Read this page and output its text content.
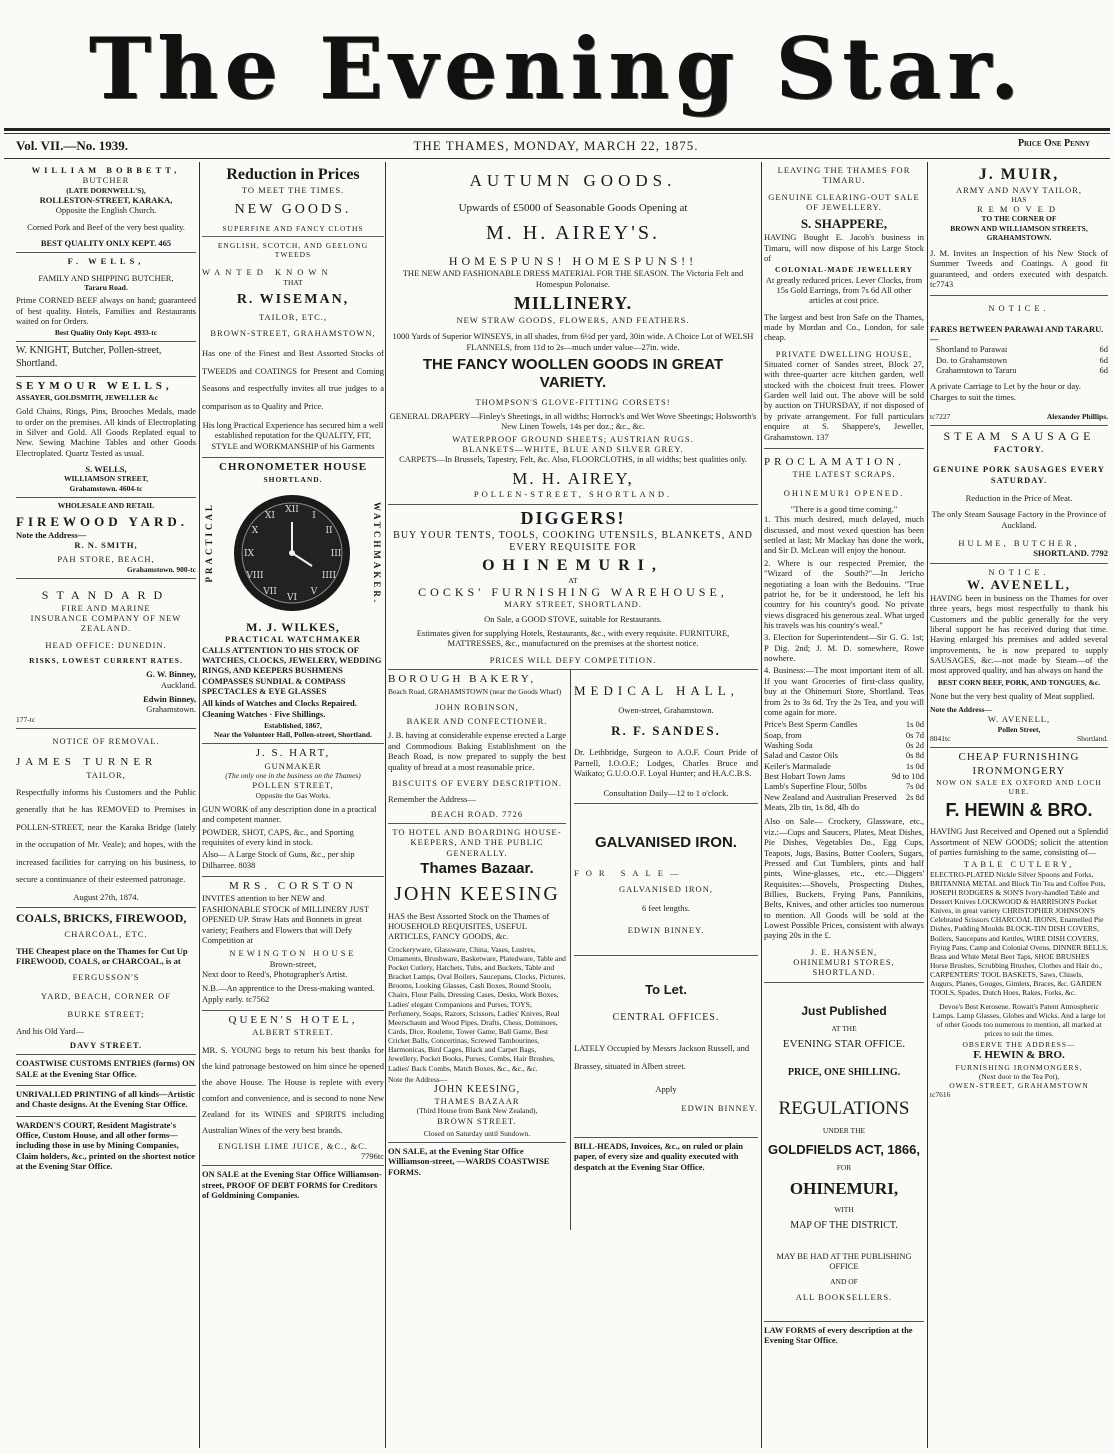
The Evening Star.
Vol. VII.—No. 1939.	THE THAMES, MONDAY, MARCH 22, 1875.	Price One Penny
WILLIAM BOBBETT,
BUTCHER
(LATE DORNWELL'S),
ROLLESTON-STREET, KARAKA,
Opposite the English Church.

Corned Pork and Beef of the very best quality.

BEST QUALITY ONLY KEPT. 465
F. WELLS,
FAMILY AND SHIPPING BUTCHER,
Tararu Road.

Prime CORNED BEEF always on hand; guaranteed of best quality. Hotels, Families and Restaurants waited on for Orders.

Best Quality Only Kept. 4933-tc

W. KNIGHT, Butcher, Pollen-street, Shortland.

SEYMOUR WELLS,
ASSAYER, GOLDSMITH, JEWELLER &c

Gold Chains, Rings, Pins, Brooches Medals, made to order on the premises. All kinds of Electroplating in Silver and Gold. All Goods Replated equal to New. Sewing Machine Tables and other Goods Electroplated. Quartz Tested as usual.

S. WELLS,
WILLIAMSON STREET,
Grahamstown. 4604-tc
WHOLESALE AND RETAIL
FIREWOOD YARD.
Note the Address—
R. N. SMITH,
PAH STORE, BEACH,
Grahamstown. 900-tc
STANDARD
FIRE AND MARINE
INSURANCE COMPANY OF NEW ZEALAND.
HEAD OFFICE: DUNEDIN.
RISKS, LOWEST CURRENT RATES.
G. W. Binney,
Auckland.
Edwin Binney,
Grahamstown.
177-tc
NOTICE OF REMOVAL.
JAMES TURNER
TAILOR,

Respectfully informs his Customers and the Public generally that he has REMOVED to Premises in POLLEN-STREET, near the Karaka Bridge (lately in the occupation of Mr. Veale); and hopes, with the increased facilities for carrying on his business, to secure a continuance of their esteemed patronage.

August 27th, 1874.
COALS, BRICKS, FIREWOOD,
CHARCOAL, ETC.

THE Cheapest place on the Thames for Cut Up FIREWOOD, COALS, or CHARCOAL, is at

FERGUSSON'S
YARD, BEACH, CORNER OF
BURKE STREET;
And his Old Yard—
DAVY STREET.

COASTWISE CUSTOMS ENTRIES (forms) ON SALE at the Evening Star Office.

UNRIVALLED PRINTING of all kinds—Artistic and Chaste designs. At the Evening Star Office.

WARDEN'S COURT, Resident Magistrate's Office, Custom House, and all other forms—including those in use by Mining Companies, Claim holders, &c., printed on the shortest notice at the Evening Star Office.

Reduction in Prices
TO MEET THE TIMES.
NEW GOODS.
SUPERFINE AND FANCY CLOTHS
ENGLISH, SCOTCH, AND GEELONG TWEEDS
WANTED KNOWN
THAT
R. WISEMAN,
TAILOR, ETC.,
BROWN-STREET, GRAHAMSTOWN,

Has one of the Finest and Best Assorted Stocks of TWEEDS and COATINGS for Present and Coming Seasons and respectfully invites all true judges to a comparison as to Quality and Price.

His long Practical Experience has secured him a well established reputation for the QUALITY, FIT, STYLE and WORKMANSHIP of his Garments

CHRONOMETER HOUSE
SHORTLAND.
PRACTICAL	XII
I
II
III
IIII
V
VI
VII
VIII
IX
X
XI	WATCHMAKER.
M. J. WILKES,
PRACTICAL WATCHMAKER

CALLS ATTENTION TO HIS STOCK OF WATCHES, CLOCKS, JEWELERY, WEDDING RINGS, AND KEEPERS BUSHMENS COMPASSES SUNDIAL & COMPASS SPECTACLES & EYE GLASSES

All kinds of Watches and Clocks Repaired. Cleaning Watches · Five Shillings.

Established, 1867,
Near the Volunteer Hall, Pollen-street, Shortland.
J. S. HART,
GUNMAKER
(The only one in the business on the Thames)
POLLEN STREET,
Opposite the Gas Works.

GUN WORK of any description done in a practical and competent manner.

POWDER, SHOT, CAPS, &c., and Sporting requisites of every kind in stock.

Also— A Large Stock of Guns, &c., per ship Dilharree. 8038

MRS. CORSTON

INVITES attention to her NEW and FASHIONABLE STOCK of MILLINERY JUST OPENED UP. Straw Hats and Bonnets in great variety; Feathers and Flowers that will Defy Competition at

NEWINGTON HOUSE
Brown-street,
Next door to Reed's, Photographer's Artist.

N.B.—An apprentice to the Dress-making wanted. Apply early. tc7562

QUEEN'S HOTEL,
ALBERT STREET.

MR. S. YOUNG begs to return his best thanks for the kind patronage bestowed on him since he opened the above House. The House is replete with every comfort and convenience, and is second to none New Zealand for its WINES and SPIRITS including Australian Wines of the very best brands.

ENGLISH LIME JUICE, &C., &C.
7796tc

ON SALE at the Evening Star Office Williamson-street, PROOF OF DEBT FORMS for Creditors of Goldmining Companies.

AUTUMN GOODS.
Upwards of £5000 of Seasonable Goods Opening at
M. H. AIREY'S.
HOMESPUNS! HOMESPUNS!!

THE NEW AND FASHIONABLE DRESS MATERIAL FOR THE SEASON. The Victoria Felt and Homespun Polonaise.

MILLINERY.
NEW STRAW GOODS, FLOWERS, AND FEATHERS.

1000 Yards of Superior WINSEYS, in all shades, from 6½d per yard, 30in wide. A Choice Lot of WELSH FLANNELS, from 11d to 2s—much under value—27in. wide.

THE FANCY WOOLLEN GOODS IN GREAT VARIETY.
THOMPSON'S GLOVE-FITTING CORSETS!

GENERAL DRAPERY—Finley's Sheetings, in all widths; Horrock's and Wet Wove Sheetings; Holsworth's New Linen Towels, 14s per doz.; &c., &c.

WATERPROOF GROUND SHEETS; AUSTRIAN RUGS.
BLANKETS—WHITE, BLUE AND SILVER GREY.

CARPETS—In Brussels, Tapestry, Felt, &c. Also, FLOORCLOTHS, in all widths; best qualities only.

M. H. AIREY,
POLLEN-STREET, SHORTLAND.
DIGGERS!

BUY YOUR TENTS, TOOLS, COOKING UTENSILS, BLANKETS, AND EVERY REQUISITE FOR

OHINEMURI,
AT
COCKS' FURNISHING WAREHOUSE,
MARY STREET, SHORTLAND.

On Sale, a GOOD STOVE, suitable for Restaurants.

Estimates given for supplying Hotels, Restaurants, &c., with every requisite. FURNITURE, MATTRESSES, &c., manufactured on the premises at the shortest notice.

PRICES WILL DEFY COMPETITION.
BOROUGH BAKERY,
Beach Road, GRAHAMSTOWN (near the Goods Wharf)
JOHN ROBINSON,
BAKER AND CONFECTIONER.

J. B. having at considerable expense erected a Large and Commodious Baking Establishment on the Beach Road, is now prepared to supply the best quality of bread at a most reasonable price.

BISCUITS OF EVERY DESCRIPTION.
Remember the Address—
BEACH ROAD. 7726

TO HOTEL AND BOARDING HOUSE-KEEPERS, AND THE PUBLIC GENERALLY.

Thames Bazaar.
JOHN KEESING

HAS the Best Assorted Stock on the Thames of HOUSEHOLD REQUISITES, USEFUL ARTICLES, FANCY GOODS, &c.

Crockeryware, Glassware, China, Vases, Lustres, Ornaments, Brushware, Basketware, Platedware, Table and Pocket Cutlery, Hatchets, Tubs, and Buckets, Table and Bracket Lamps, Oval Boilers, Saucepans, Clocks, Pictures, Brooms, Looking Glasses, Cash Boxes, Round Stools, Chairs, Flour Pails, Dressing Cases, Desks, Work Boxes, Ladies' elegant Companions and Purses, TOYS, Perfumery, Soaps, Razors, Scissors, Ladies' Knives, Real Meerschaum and Wood Pipes, Drafts, Chess, Dominoes, Cards, Dice, Roulette, Tower Game, Ball Game, Best Cricket Balls, Concertinas, Screwed Tambourines, Harmonicas, Bird Cages, Black and Carpet Bags, Jewellery, Pocket Books, Purses, Combs, Hair Brushes, Ladies' Back Combs, Match Boxes, &c., &c., &c.

Note the Address—
JOHN KEESING,
THAMES BAZAAR
(Third House from Bank New Zealand),
BROWN STREET.
Closed on Saturday until Sundown.

ON SALE, at the Evening Star Office Williamson-street, —WARDS COASTWISE FORMS.

MEDICAL HALL,
Owen-street, Grahamstown.
R. F. SANDES.

Dr. Lethbridge, Surgeon to A.O.F. Court Pride of Parnell, I.O.O.F.; Lodges, Charles Bruce and Waikato; G.U.O.O.F. Loyal Hunter; and H.A.C.B.S.

Consultation Daily—12 to 1 o'clock.
GALVANISED IRON.
FOR SALE—
GALVANISED IRON,
6 feet lengths.
EDWIN BINNEY.
To Let.
CENTRAL OFFICES.

LATELY Occupied by Messrs Jackson Russell, and Brassey, situated in Albert street.

Apply
EDWIN BINNEY.

BILL-HEADS, Invoices, &c., on ruled or plain paper, of every size and quality executed with despatch at the Evening Star Office.

LEAVING THE THAMES FOR TIMARU.
GENUINE CLEARING-OUT SALE OF JEWELLERY.
S. SHAPPERE,

HAVING Bought E. Jacob's business in Timaru, will now dispose of his Large Stock of

COLONIAL-MADE JEWELLERY

At greatly reduced prices. Lever Clocks, from 15s Gold Earrings, from 7s 6d All other articles at cost price.

The largest and best Iron Safe on the Thames, made by Mordan and Co., London, for sale cheap.

PRIVATE DWELLING HOUSE,

Situated corner of Sandes street, Block 27, with three-quarter acre kitchen garden, well stocked with the choicest fruit trees. Flower Garden well laid out. The above will be sold by auction on THURSDAY, if not disposed of by private arrangement. For full particulars enquire at S. Shappere's, Jeweller, Grahamstown. 137

PROCLAMATION.
THE LATEST SCRAPS.
OHINEMURI OPENED.
"There is a good time coming."

1. This much desired, much delayed, much discussed, and most vexed question has been settled at last; Mr Mackay has done the work, and Sir D. McLean will enjoy the honour.

2. Where is our respected Premier, the "Wizard of the South?"—In Jericho negotiating a loan with the Bedouins. "True patriot he, for be it understood, he left his country for his country's good. No private views disgraced his generous zeal. What urged his travels was his country's weal."

3. Election for Superintendent—Sir G. G. 1st; P Dig. 2nd; J. M. D. somewhere, Rowe nowhere.

4. Business:—The most important item of all. If you want Groceries of first-class quality, buy at the Ohinemuri Store, Shortland. Teas from 2s to 3s 6d. Try the 2s Tea, and you will come again for more.

Price's Best Sperm Candles	1s 0d
Soap, from	0s 7d
Washing Soda	0s 2d
Salad and Castor Oils	0s 8d
Keiler's Marmalade	1s 0d
Best Hobart Town Jams	9d to 10d
Lamb's Superfine Flour, 50lbs	7s 0d
New Zealand and Australian Preserved Meats, 2lb tin, 1s 8d, 4lb do
2s 8d

Also on Sale— Crockery, Glassware, etc., viz.:—Cups and Saucers, Plates, Meat Dishes, Pie Dishes, Vegetables Do., Egg Cups, Teapots, Jugs, Basins, Butter Coolers, Sugars, Pressed and Cut Tumblers, pints and half pints, Wine-glasses, etc., etc.—Diggers' Requisites:—Shovels, Prospecting Dishes, Billies, Buckets, Frying Pans, Pannikins, Belts, Knives, and other articles too numerous to mention. All Goods will be sold at the Lowest Possible Prices, consistent with always paying 20s in the £.

J. E. HANSEN,
OHINEMURI STORES, SHORTLAND.
Just Published
AT THE
EVENING STAR OFFICE.
PRICE, ONE SHILLING.
REGULATIONS
UNDER THE
GOLDFIELDS ACT, 1866,
FOR
OHINEMURI,
WITH
MAP OF THE DISTRICT.
MAY BE HAD AT THE PUBLISHING OFFICE
AND OF
ALL BOOKSELLERS.

LAW FORMS of every description at the Evening Star Office.

J. MUIR,
ARMY AND NAVY TAILOR,
HAS
REMOVED
TO THE CORNER OF
BROWN AND WILLIAMSON STREETS, GRAHAMSTOWN.

J. M. Invites an Inspection of his New Stock of Summer Tweeds and Coatings. A good fit guaranteed, and orders executed with despatch. tc7743

NOTICE.
FARES BETWEEN PARAWAI AND TARARU.—
Shortland to Parawai	6d
Do. to Grahamstown	6d
Grahamstown to Tararu	6d

A private Carriage to Let by the hour or day. Charges to suit the times.

tc7227	Alexander Phillips.
STEAM SAUSAGE
FACTORY.
GENUINE PORK SAUSAGES EVERY SATURDAY.
Reduction in the Price of Meat.

The only Steam Sausage Factory in the Province of Auckland.

HULME, BUTCHER,
SHORTLAND. 7792
NOTICE.
W. AVENELL,

HAVING been in business on the Thames for over three years, begs most respectfully to thank his Customers and the public generally for the very liberal support he has received during that time. Having enlarged his premises and added several improvements, he is now prepared to supply SAUSAGES, &c.—not made by Steam—of the most approved quality, and has always on hand the

BEST CORN BEEF, PORK, AND TONGUES, &c.

None but the very best quality of Meat supplied.

Note the Address—
W. AVENELL,
Pollen Street,
8041tc	Shortland.
CHEAP FURNISHING
IRONMONGERY
NOW ON SALE EX OXFORD AND LOCH URE.
F. HEWIN & BRO.

HAVING Just Received and Opened out a Splendid Assortment of NEW GOODS; solicit the attention of parties furnishing to the same, consisting of—

TABLE CUTLERY,

ELECTRO-PLATED Nickle Silver Spoons and Forks, BRITANNIA METAL and Block Tin Tea and Coffee Pots, JOSEPH RODGERS & SON'S Ivory-handled Table and Dessert Knives LOCKWOOD & HARRISON'S Pocket Knives, in great variety CHRISTOPHER JOHNSON'S Celebrated Scissors CHARCOAL IRONS, Enamelled Pie Dishes, Pudding Moulds BLOCK-TIN DISH COVERS, Boilers, Saucepans and Kettles, WIRE DISH COVERS, Frying Pans, Camp and Colonial Ovens, DINNER BELLS, Brass and White Metal Beer Taps, SHOE BRUSHES Horse Brushes, Scrubbing Brushes, Clothes and Hair do., CARPENTERS' TOOL BASKETS, Saws, Chisels, Augurs, Planes, Gouges, Gimlets, Braces, &c. GARDEN TOOLS, Spades, Dutch Hoes, Rakes, Forks, &c.

Devoe's Best Kerosene. Rowatt's Patent Atmospheric Lamps. Lamp Glasses, Globes and Wicks. And a large lot of other Goods too numerous to mention, all marked at prices to suit the times.

OBSERVE THE ADDRESS—
F. HEWIN & BRO.
FURNISHING IRONMONGERS,
(Next door to the Tea Pot),
OWEN-STREET, GRAHAMSTOWN
tc7616
